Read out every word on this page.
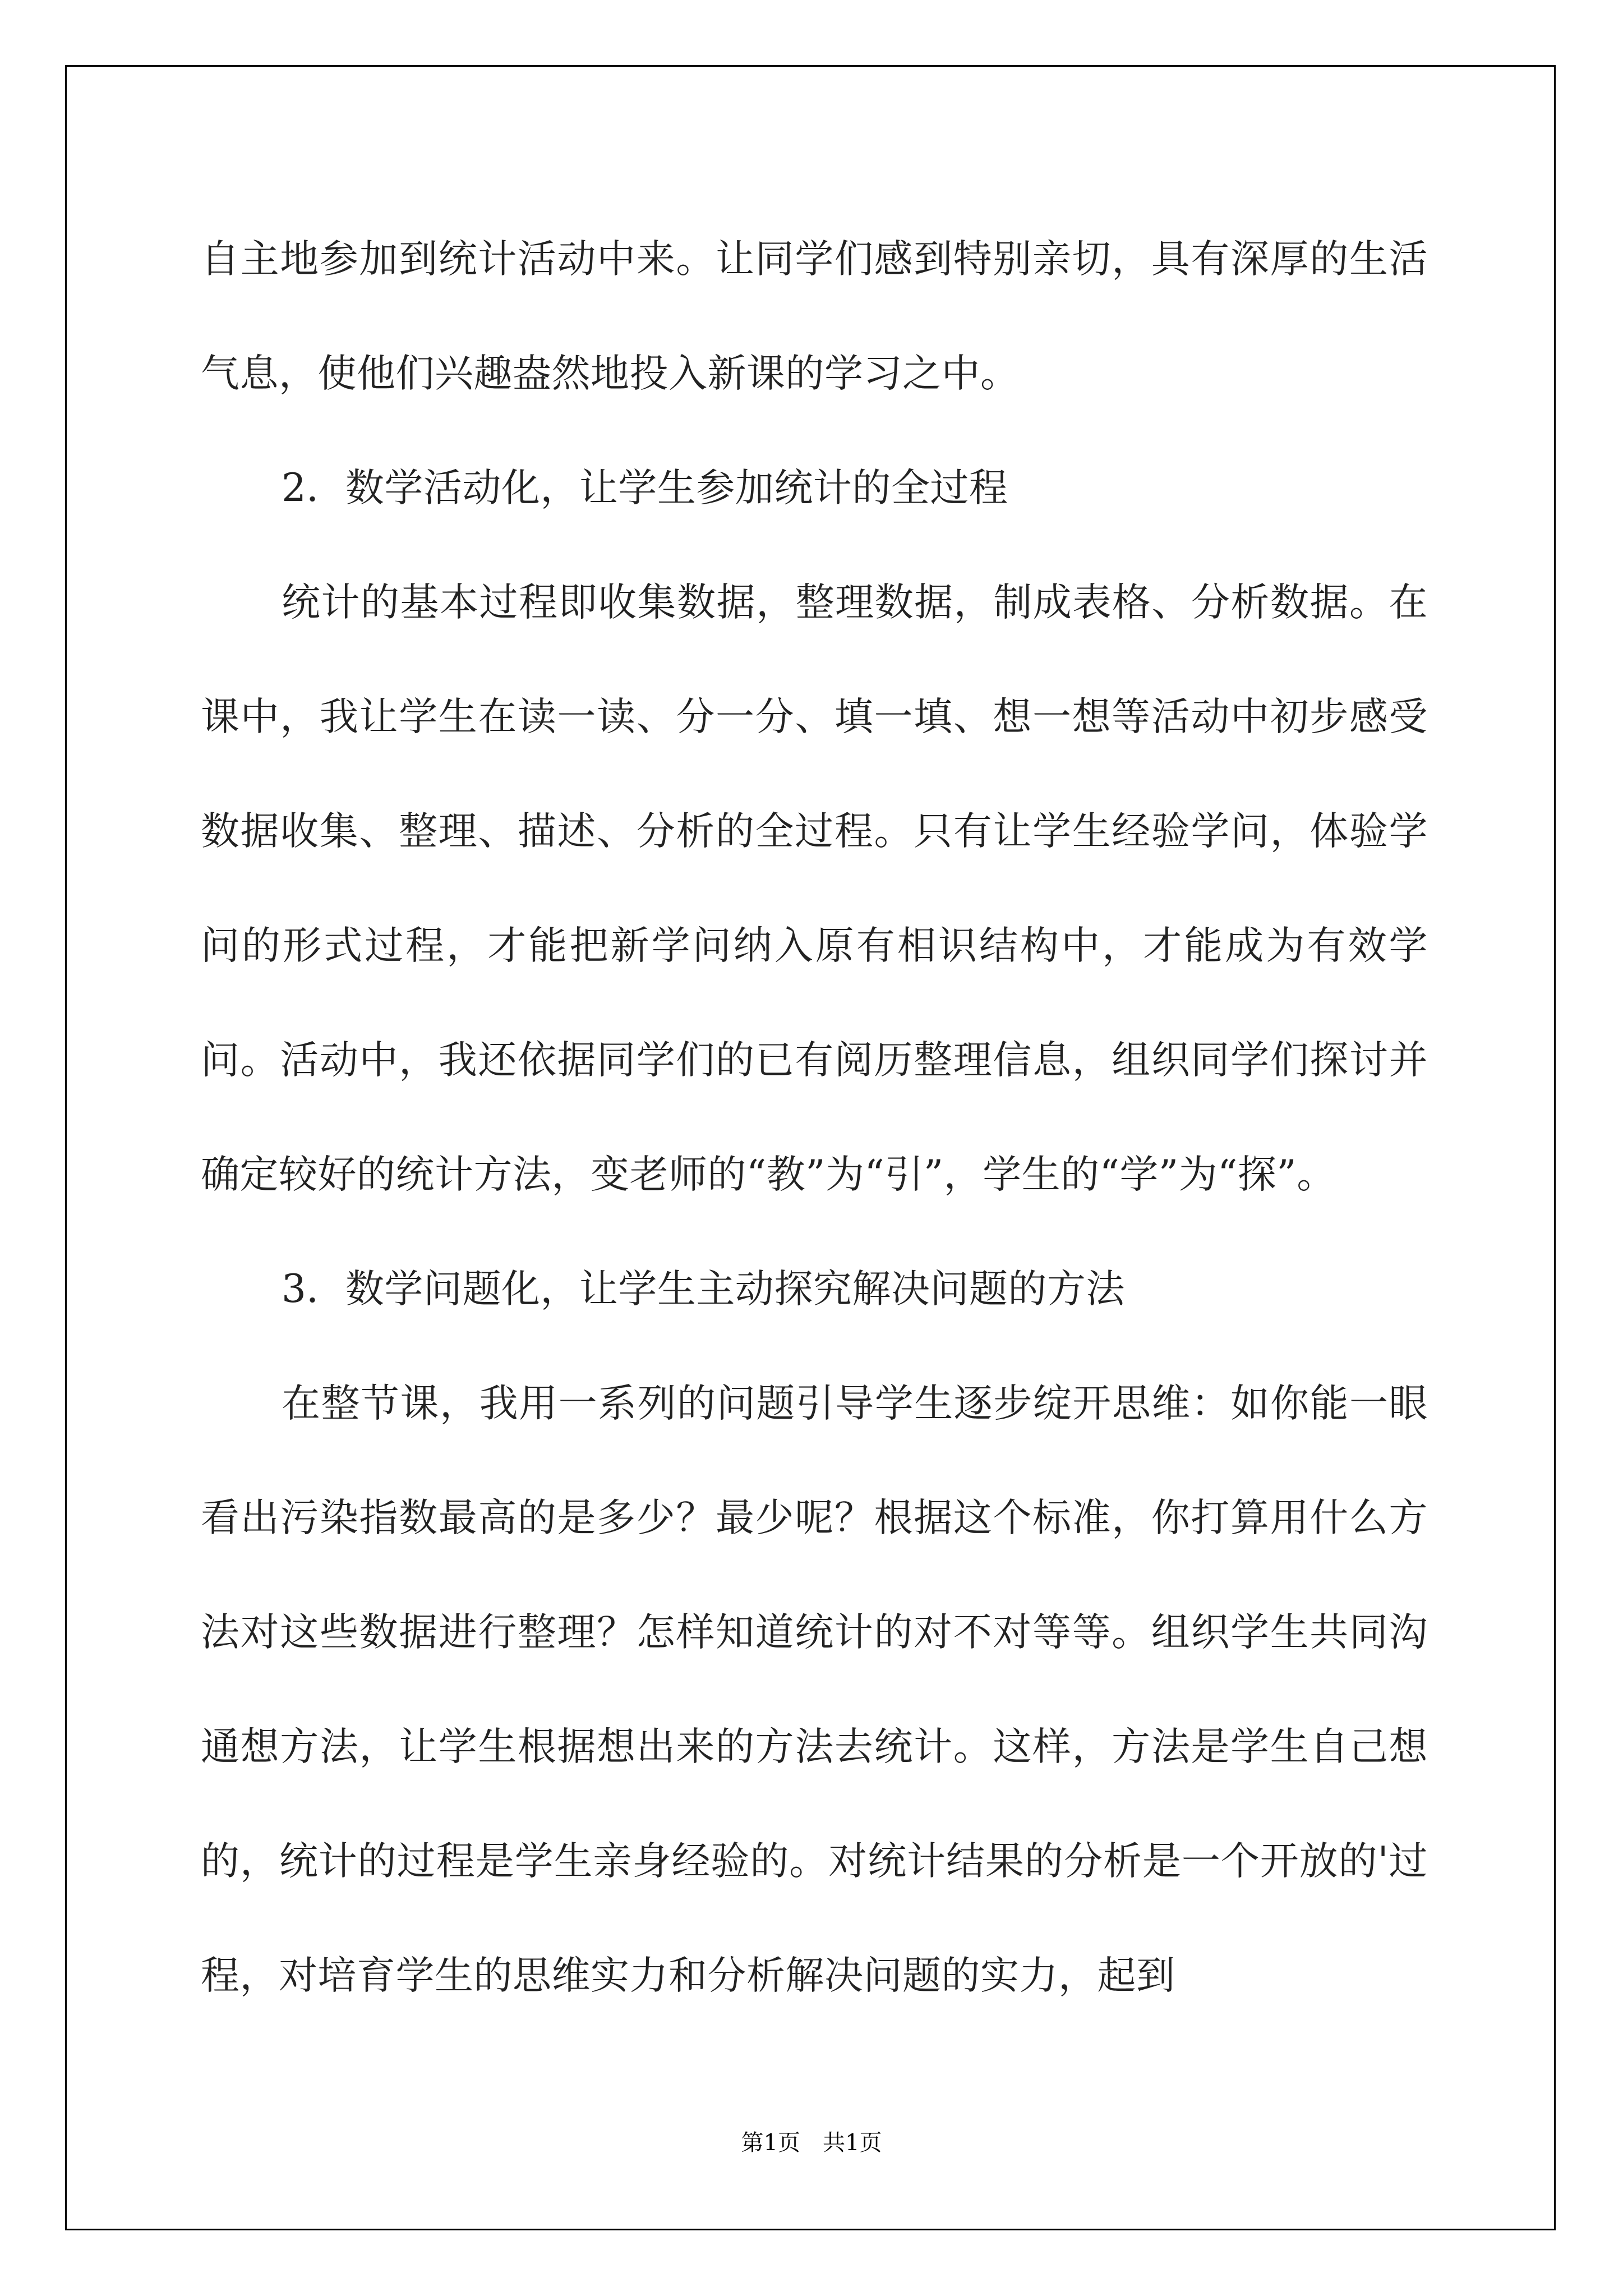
自主地参加到统计活动中来。让同学们感到特别亲切，具有深厚的生活气息，使他们兴趣盎然地投入新课的学习之中。

2．数学活动化，让学生参加统计的全过程

统计的基本过程即收集数据，整理数据，制成表格、分析数据。在课中，我让学生在读一读、分一分、填一填、想一想等活动中初步感受数据收集、整理、描述、分析的全过程。只有让学生经验学问，体验学问的形式过程，才能把新学问纳入原有相识结构中，才能成为有效学问。活动中，我还依据同学们的已有阅历整理信息，组织同学们探讨并确定较好的统计方法，变老师的“教”为“引”，学生的“学”为“探”。

3．数学问题化，让学生主动探究解决问题的方法

在整节课，我用一系列的问题引导学生逐步绽开思维：如你能一眼看出污染指数最高的是多少？最少呢？根据这个标准，你打算用什么方法对这些数据进行整理？怎样知道统计的对不对等等。组织学生共同沟通想方法，让学生根据想出来的方法去统计。这样，方法是学生自己想的，统计的过程是学生亲身经验的。对统计结果的分析是一个开放的'过程，对培育学生的思维实力和分析解决问题的实力，起到

第1页 共1页
